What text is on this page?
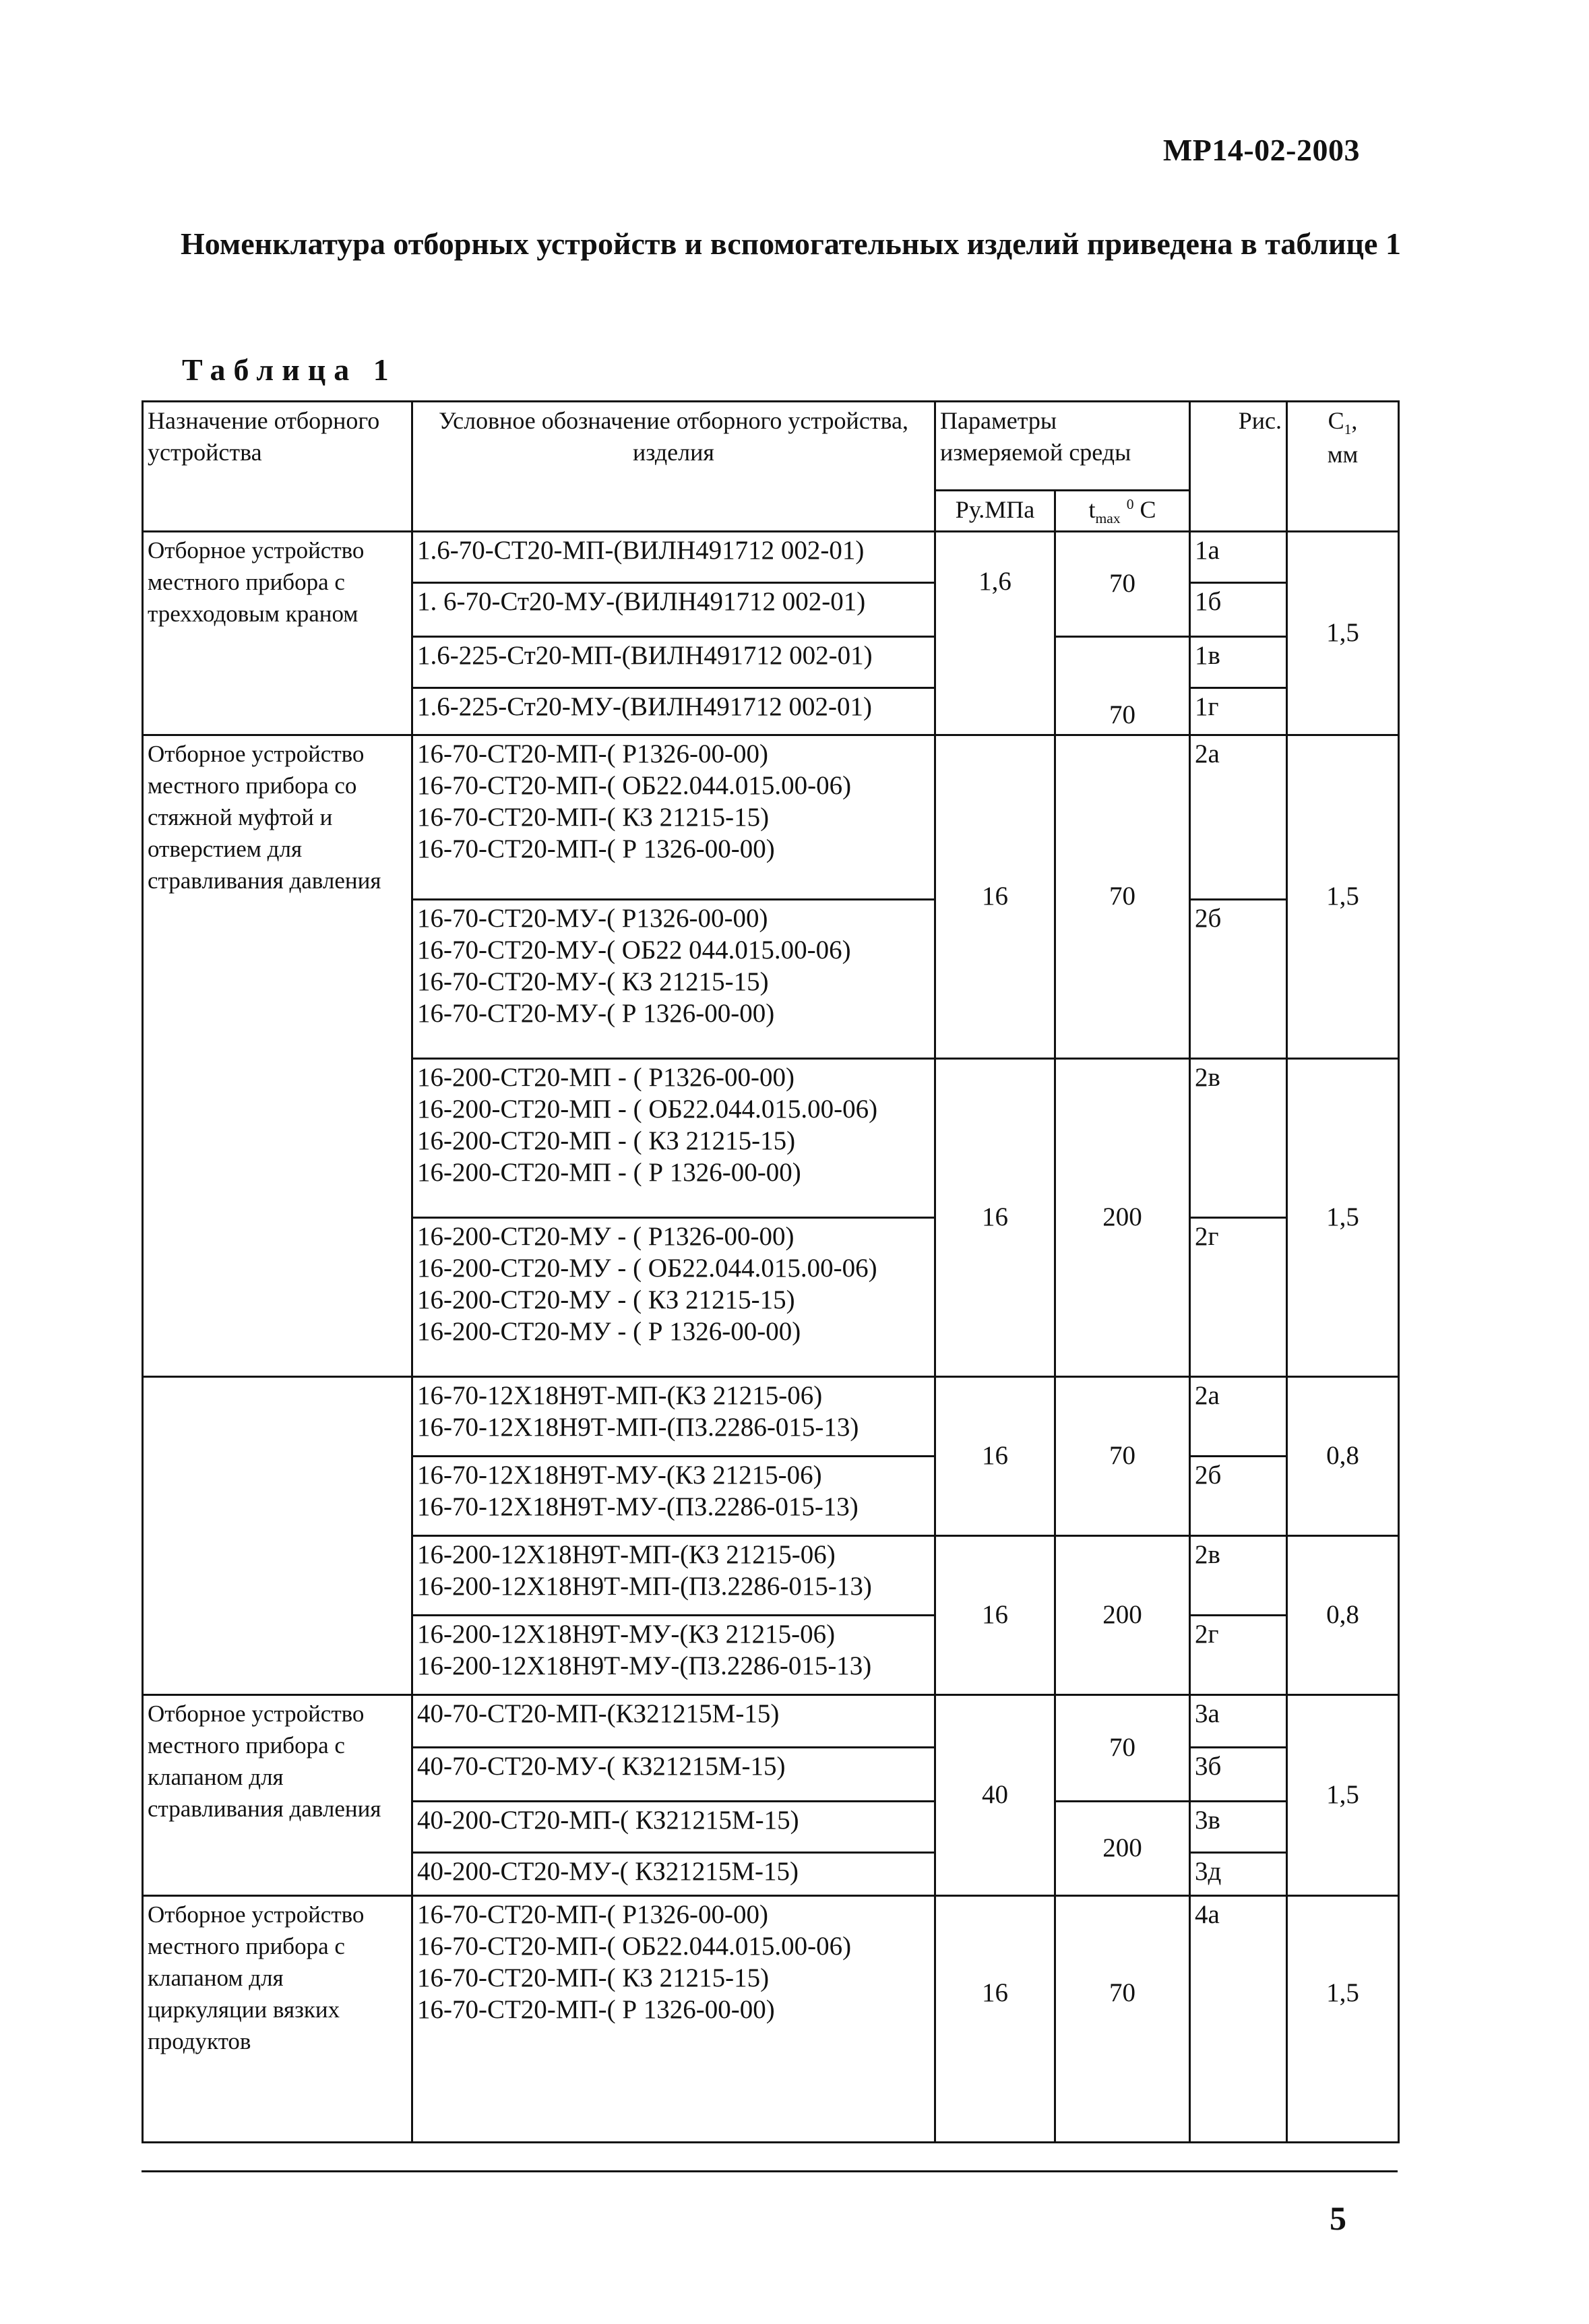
МР14-02-2003
Номенклатура отборных устройств и вспомогательных изделий приведена в таблице 1
Таблица 1
Назначение отборного устройства	Условное обозначение отборного устройства, изделия	Параметры измеряемой среды		Рис.	$С_1$,
мм
		Ру.МПа	$t_{max}$ $^0$ С		
Отборное устройство местного прибора с трехходовым краном	1.6-70-СТ20-МП-(ВИЛН491712 002-01)	1,6	70	1а	1,5

	1. 6-70-Ст20-МУ-(ВИЛН491712 002-01)			1б	

	1.6-225-Ст20-МП-(ВИЛН491712 002-01)		70	1в	

	1.6-225-Ст20-МУ-(ВИЛН491712 002-01)			1г	
Отборное устройство местного прибора со стяжной муфтой и отверстием для стравливания давления	16-70-СТ20-МП-( Р1326-00-00)
16-70-СТ20-МП-( ОБ22.044.015.00-06)
16-70-СТ20-МП-( КЗ 21215-15)
16-70-СТ20-МП-( Р 1326-00-00)	16	70	2а	1,5

	16-70-СТ20-МУ-( Р1326-00-00)
16-70-СТ20-МУ-( ОБ22 044.015.00-06)
16-70-СТ20-МУ-( КЗ 21215-15)
16-70-СТ20-МУ-( Р 1326-00-00)			2б	

	16-200-СТ20-МП - ( Р1326-00-00)
16-200-СТ20-МП - ( ОБ22.044.015.00-06)
16-200-СТ20-МП - ( КЗ 21215-15)
16-200-СТ20-МП - ( Р 1326-00-00)	16	200	2в	1,5

	16-200-СТ20-МУ - ( Р1326-00-00)
16-200-СТ20-МУ - ( ОБ22.044.015.00-06)
16-200-СТ20-МУ - ( КЗ 21215-15)
16-200-СТ20-МУ - ( Р 1326-00-00)			2г	

	16-70-12Х18Н9Т-МП-(КЗ 21215-06)
16-70-12Х18Н9Т-МП-(ПЗ.2286-015-13)	16	70	2а	0,8

	16-70-12Х18Н9Т-МУ-(КЗ 21215-06)
16-70-12Х18Н9Т-МУ-(ПЗ.2286-015-13)			2б	

	16-200-12Х18Н9Т-МП-(КЗ 21215-06)
16-200-12Х18Н9Т-МП-(ПЗ.2286-015-13)	16	200	2в	0,8

	16-200-12Х18Н9Т-МУ-(КЗ 21215-06)
16-200-12Х18Н9Т-МУ-(ПЗ.2286-015-13)			2г	
Отборное устройство местного прибора с клапаном для стравливания давления	40-70-СТ20-МП-(КЗ21215М-15)	40	70	3а	1,5

	40-70-СТ20-МУ-( КЗ21215М-15)			3б	

	40-200-СТ20-МП-( КЗ21215М-15)		200	3в	

	40-200-СТ20-МУ-( КЗ21215М-15)			3д	
Отборное устройство местного прибора с клапаном для циркуляции вязких продуктов	16-70-СТ20-МП-( Р1326-00-00)
16-70-СТ20-МП-( ОБ22.044.015.00-06)
16-70-СТ20-МП-( КЗ 21215-15)
16-70-СТ20-МП-( Р 1326-00-00)	16	70	4а	1,5
5
